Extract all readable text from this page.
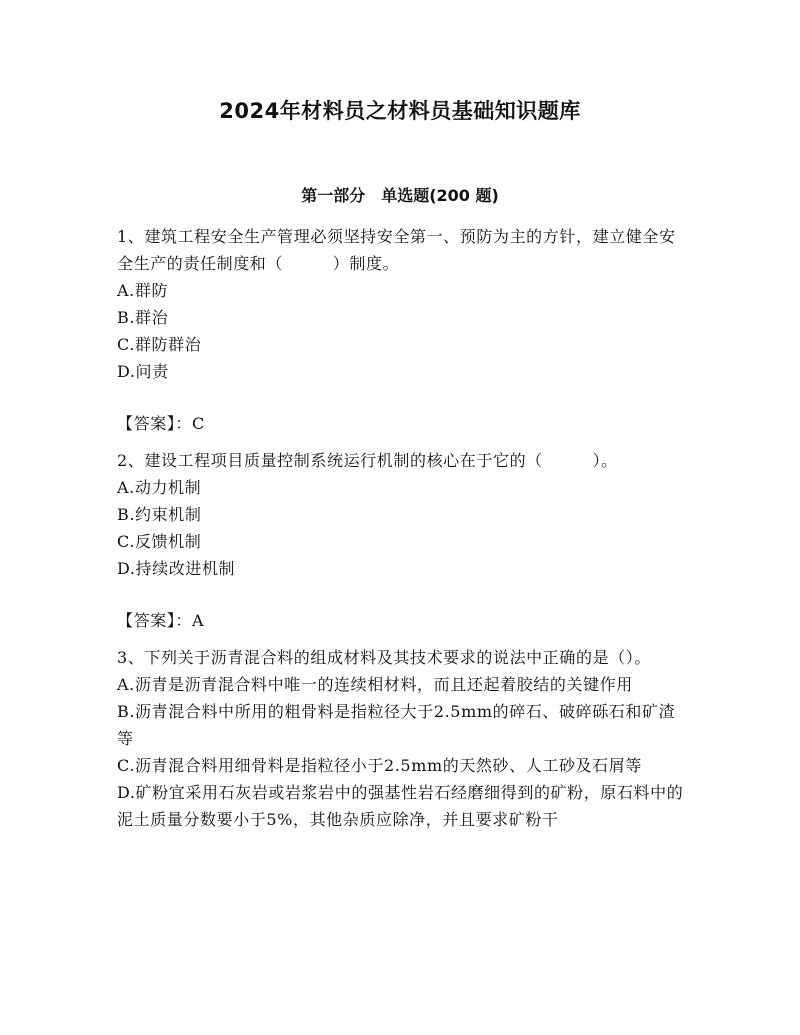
2024年材料员之材料员基础知识题库
第一部分　单选题(200 题)

1、建筑工程安全生产管理必须坚持安全第一、预防为主的方针，建立健全安全生产的责任制度和（　　　）制度。

A.群防

B.群治

C.群防群治

D.问责

【答案】：C

2、建设工程项目质量控制系统运行机制的核心在于它的（　　　）。

A.动力机制

B.约束机制

C.反馈机制

D.持续改进机制

【答案】：A

3、下列关于沥青混合料的组成材料及其技术要求的说法中正确的是（）。

A.沥青是沥青混合料中唯一的连续相材料，而且还起着胶结的关键作用

B.沥青混合料中所用的粗骨料是指粒径大于2.5mm的碎石、破碎砾石和矿渣等

C.沥青混合料用细骨料是指粒径小于2.5mm的天然砂、人工砂及石屑等

D.矿粉宜采用石灰岩或岩浆岩中的强基性岩石经磨细得到的矿粉，原石料中的泥土质量分数要小于5%，其他杂质应除净，并且要求矿粉干
